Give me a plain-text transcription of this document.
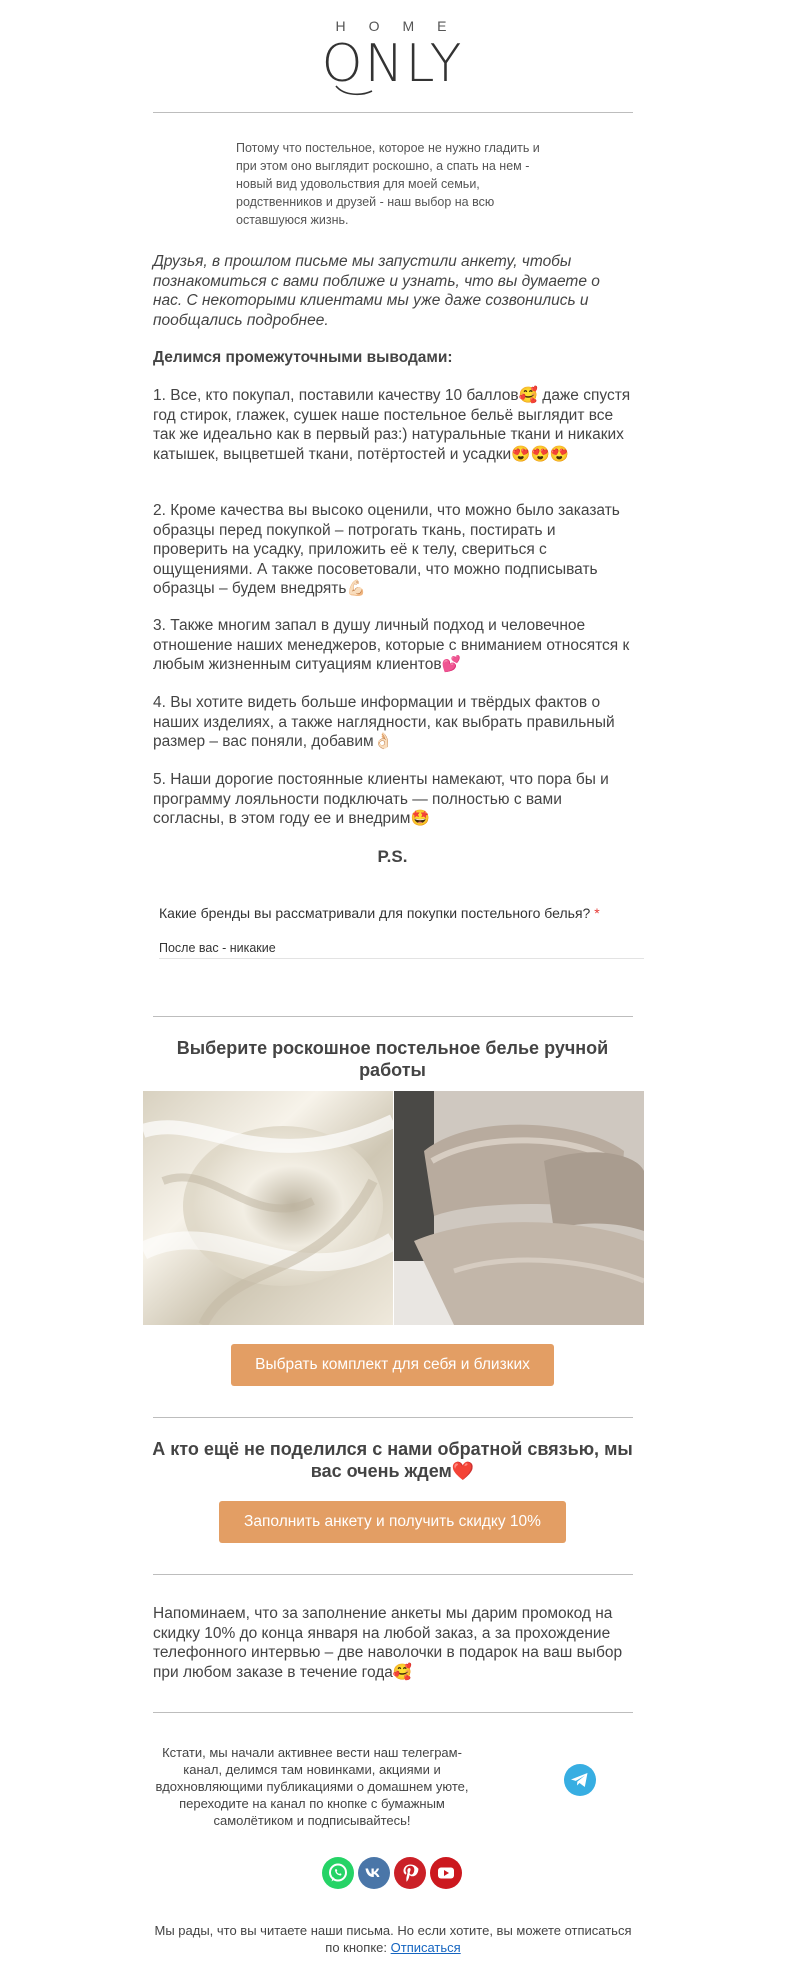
HOME
ONLY
Потому что постельное, которое не нужно гладить и при этом оно выглядит роскошно, а спать на нем - новый вид удовольствия для моей семьи, родственников и друзей - наш выбор на всю оставшуюся жизнь.
Друзья, в прошлом письме мы запустили анкету, чтобы познакомиться с вами поближе и узнать, что вы думаете о нас. С некоторыми клиентами мы уже даже созвонились и пообщались подробнее.
Делимся промежуточными выводами:
1. Все, кто покупал, поставили качеству 10 баллов🥰 даже спустя год стирок, глажек, сушек наше постельное бельё выглядит все так же идеально как в первый раз:) натуральные ткани и никаких катышек, выцветшей ткани, потёртостей и усадки😍😍😍
2. Кроме качества вы высоко оценили, что можно было заказать образцы перед покупкой – потрогать ткань, постирать и проверить на усадку, приложить её к телу, свериться с ощущениями. А также посоветовали, что можно подписывать образцы – будем внедрять💪🏻
3. Также многим запал в душу личный подход и человечное отношение наших менеджеров, которые с вниманием относятся к любым жизненным ситуациям клиентов💕
4. Вы хотите видеть больше информации и твёрдых фактов о наших изделиях, а также наглядности, как выбрать правильный размер – вас поняли, добавим👌🏻
5. Наши дорогие постоянные клиенты намекают, что пора бы и программу лояльности подключать — полностью с вами согласны, в этом году ее и внедрим🤩
P.S.
Какие бренды вы рассматривали для покупки постельного белья? *
После вас - никакие
Выберите роскошное постельное белье ручной работы
Выбрать комплект для себя и близких
А кто ещё не поделился с нами обратной связью, мы вас очень ждем❤️
Заполнить анкету и получить скидку 10%
Напоминаем, что за заполнение анкеты мы дарим промокод на скидку 10% до конца января на любой заказ, а за прохождение телефонного интервью – две наволочки в подарок на ваш выбор при любом заказе в течение года🥰
Кстати, мы начали активнее вести наш телеграм-канал, делимся там новинками, акциями и вдохновляющими публикациями о домашнем уюте, переходите на канал по кнопке с бумажным самолётиком и подписывайтесь!
Мы рады, что вы читаете наши письма. Но если хотите, вы можете отписаться по кнопке: Отписаться
